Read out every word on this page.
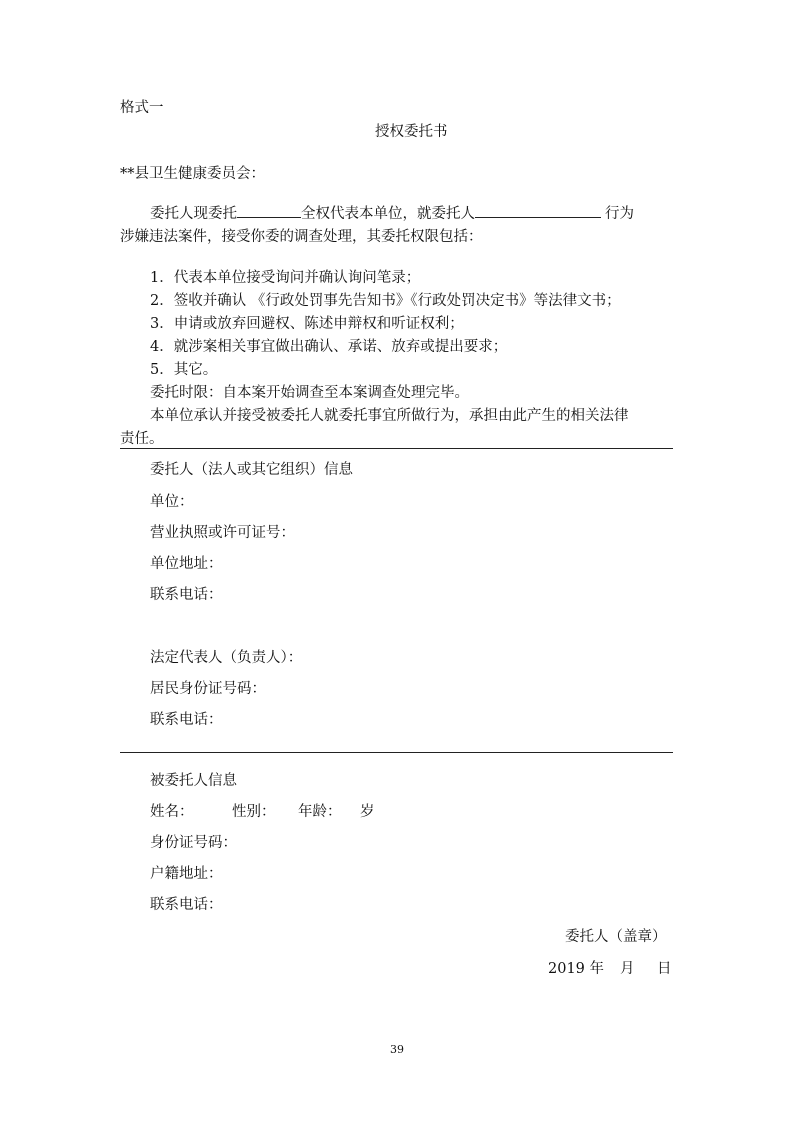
格式一
授权委托书
**县卫生健康委员会：
委托人现委托	全权代表本单位，就委托人	行为
涉嫌违法案件，接受你委的调查处理，其委托权限包括：
1．代表本单位接受询问并确认询问笔录；
2．签收并确认 《行政处罚事先告知书》《行政处罚决定书》等法律文书；
3．申请或放弃回避权、陈述申辩权和听证权利；
4．就涉案相关事宜做出确认、承诺、放弃或提出要求；
5．其它。
委托时限：自本案开始调查至本案调查处理完毕。
本单位承认并接受被委托人就委托事宜所做行为，承担由此产生的相关法律
责任。
委托人（法人或其它组织）信息
单位：
营业执照或许可证号：
单位地址：
联系电话：
法定代表人（负责人）：
居民身份证号码：
联系电话：
被委托人信息
姓名：	性别： 年龄： 岁
身份证号码：
户籍地址：
联系电话：
委托人（盖章）
2019 年 月 日
39
